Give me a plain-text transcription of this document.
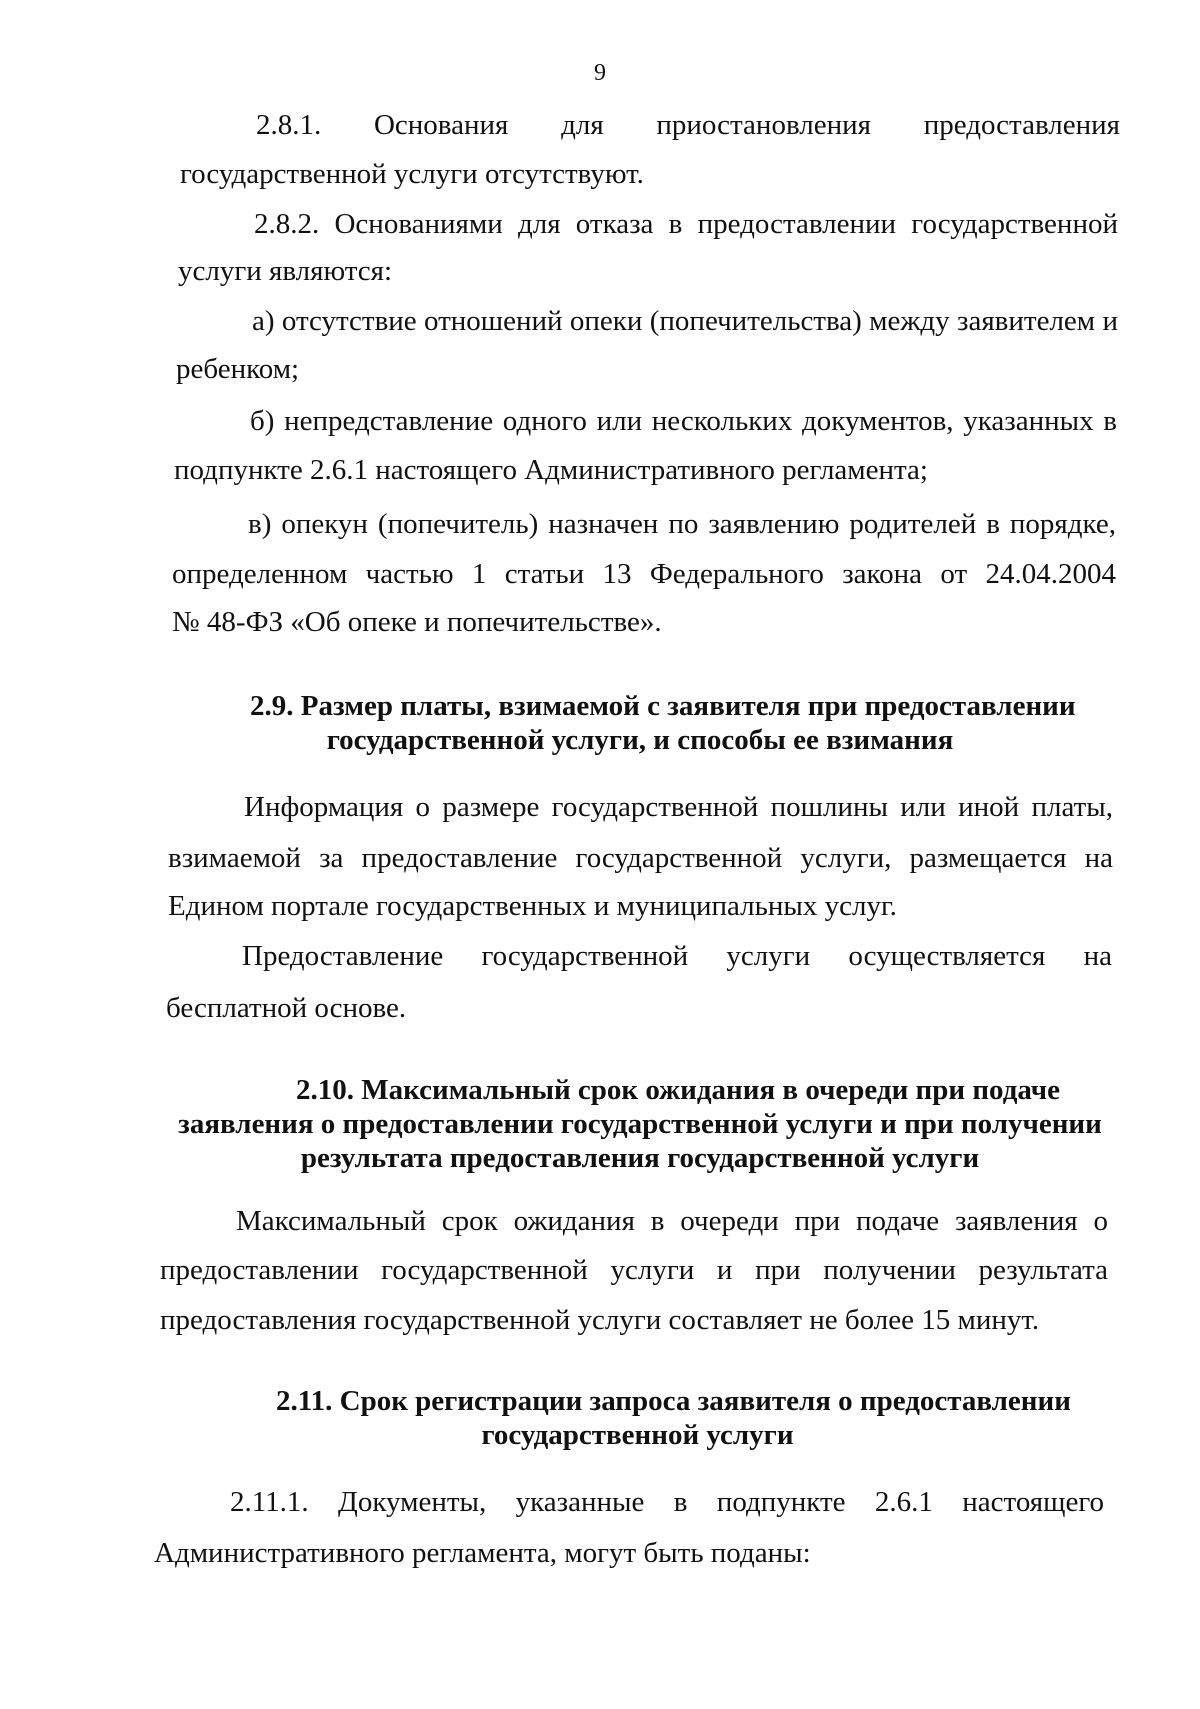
9
2.8.1. Основания для приостановления предоставления
государственной услуги отсутствуют.
2.8.2. Основаниями для отказа в предоставлении государственной
услуги являются:
а) отсутствие отношений опеки (попечительства) между заявителем и
ребенком;
б) непредставление одного или нескольких документов, указанных в
подпункте 2.6.1 настоящего Административного регламента;
в) опекун (попечитель) назначен по заявлению родителей в порядке,
определенном частью 1 статьи 13 Федерального закона от 24.04.2004
№ 48-ФЗ «Об опеке и попечительстве».
2.9. Размер платы, взимаемой с заявителя при предоставлении
государственной услуги, и способы ее взимания
Информация о размере государственной пошлины или иной платы,
взимаемой за предоставление государственной услуги, размещается на
Едином портале государственных и муниципальных услуг.
Предоставление государственной услуги осуществляется на
бесплатной основе.
2.10. Максимальный срок ожидания в очереди при подаче
заявления о предоставлении государственной услуги и при получении
результата предоставления государственной услуги
Максимальный срок ожидания в очереди при подаче заявления о
предоставлении государственной услуги и при получении результата
предоставления государственной услуги составляет не более 15 минут.
2.11. Срок регистрации запроса заявителя о предоставлении
государственной услуги
2.11.1. Документы, указанные в подпункте 2.6.1 настоящего
Административного регламента, могут быть поданы:
